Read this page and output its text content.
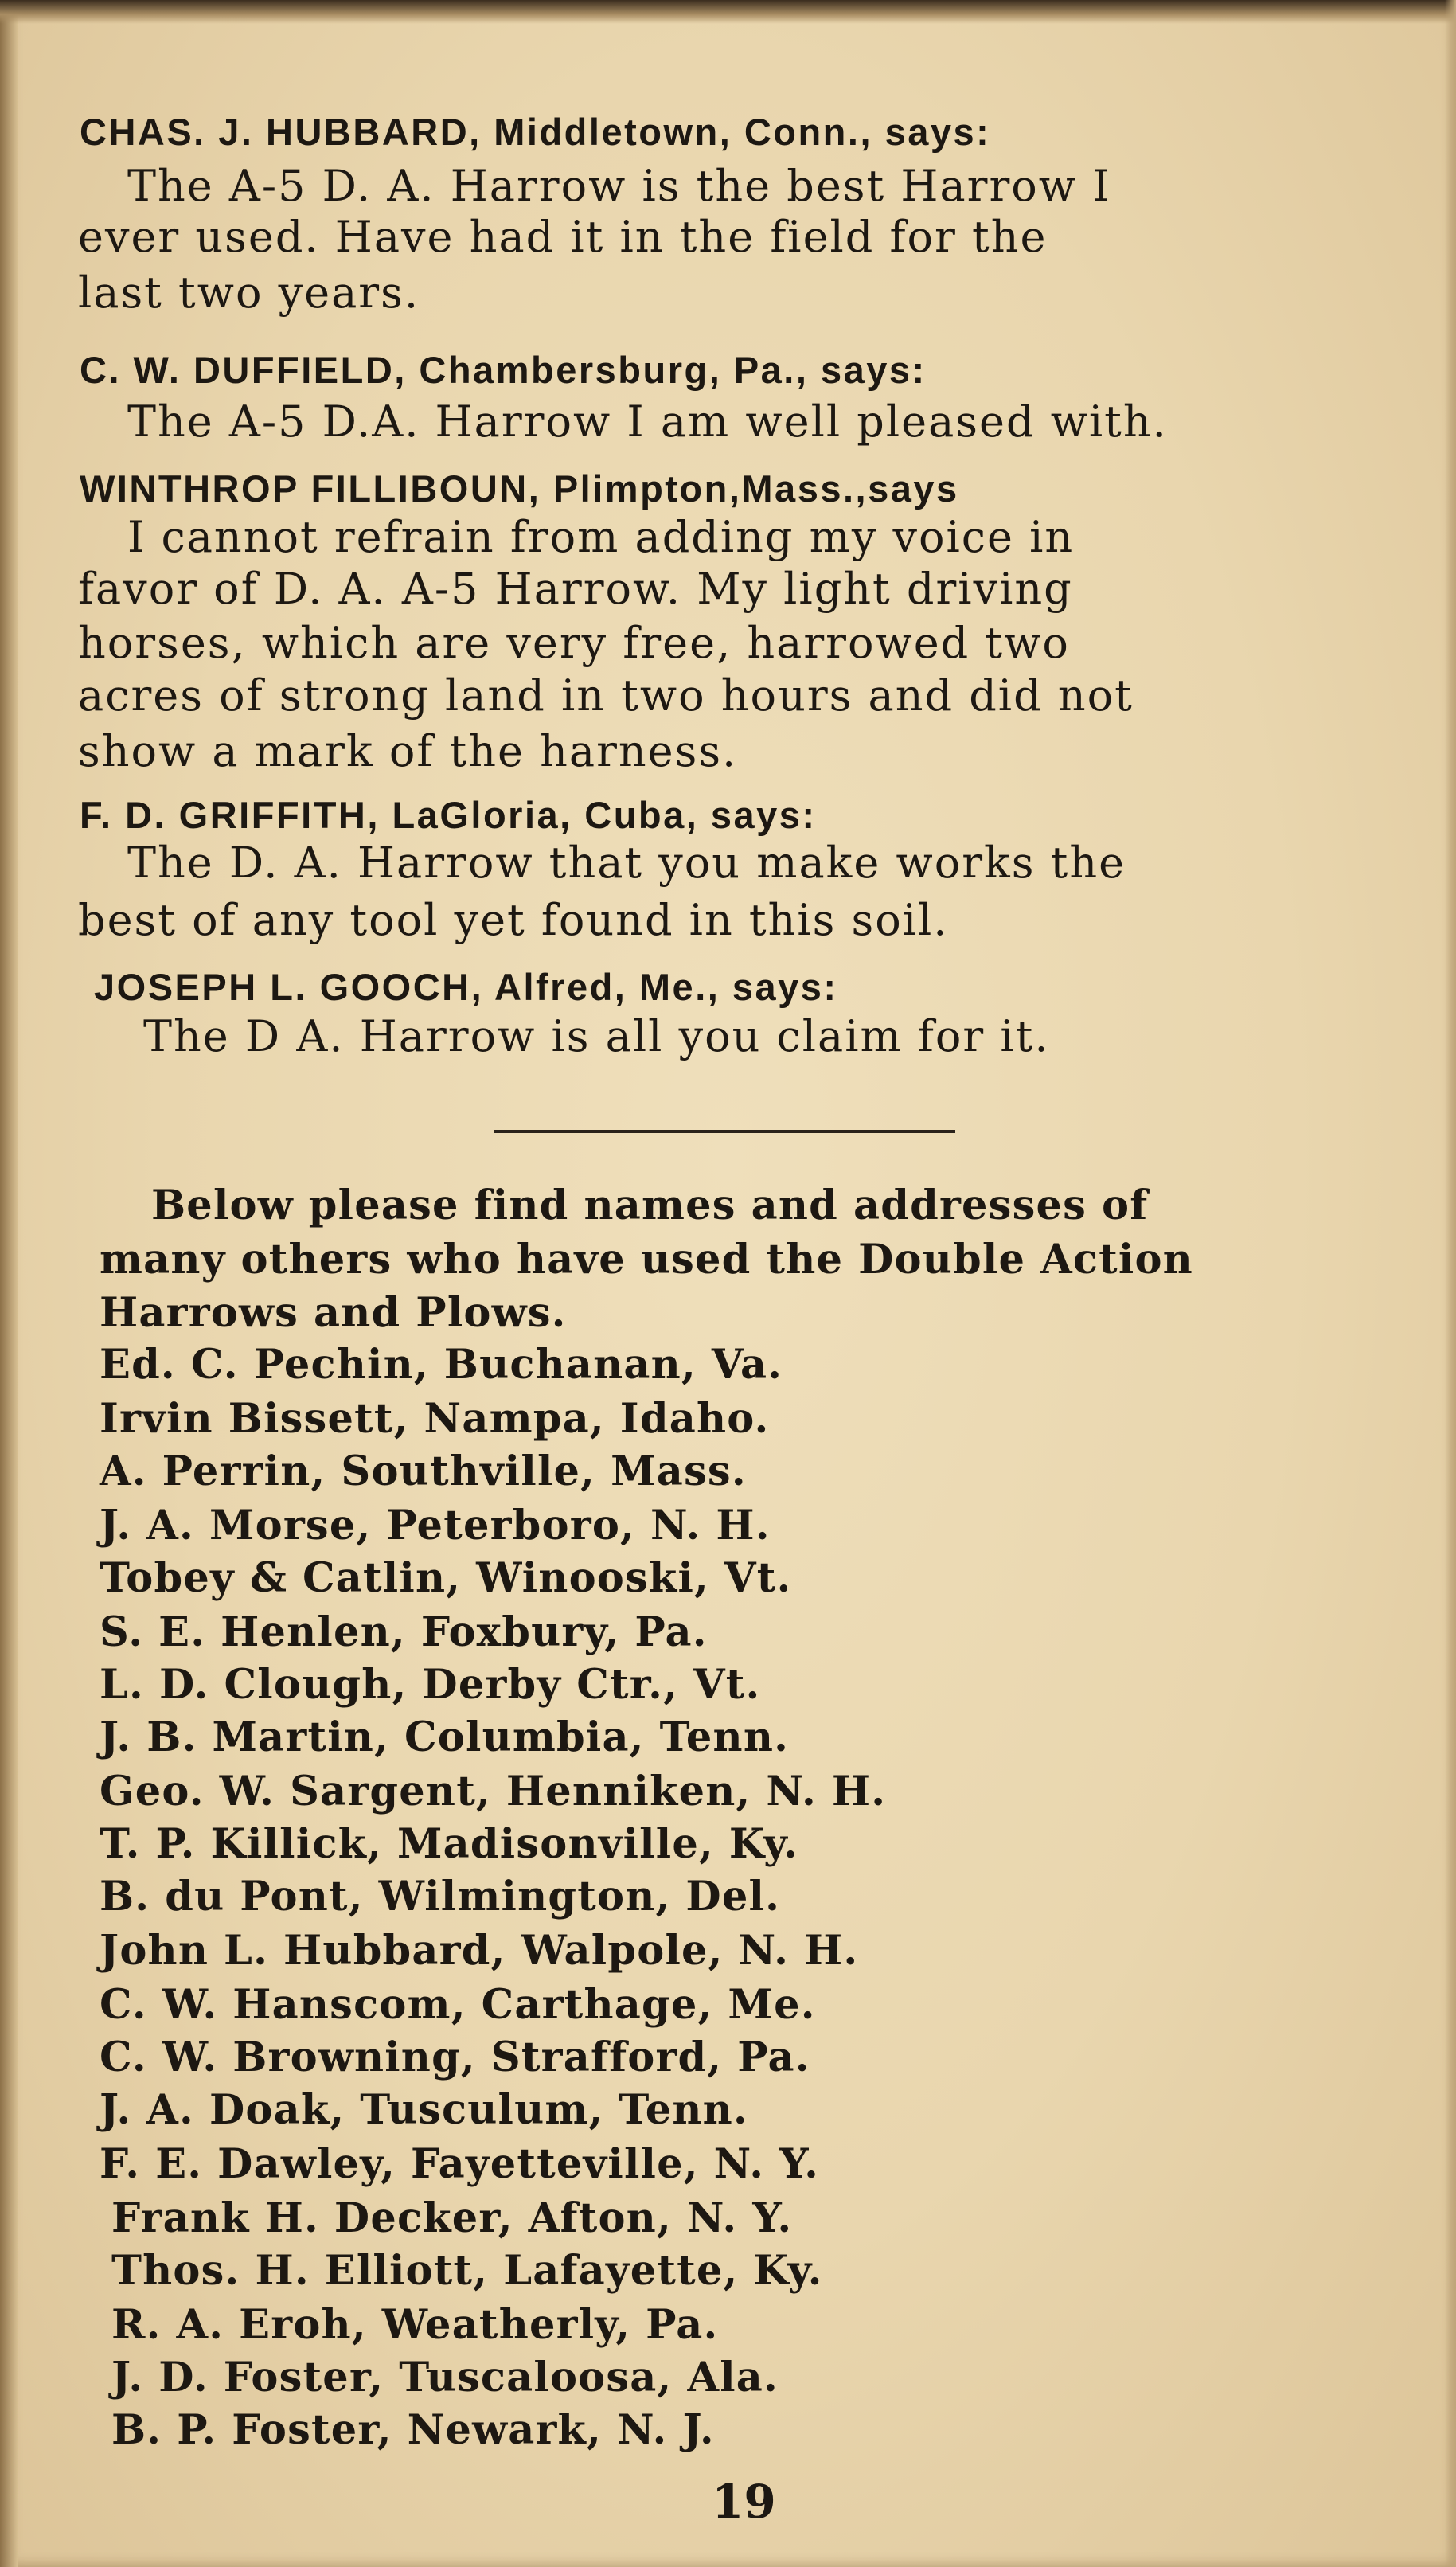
CHAS. J. HUBBARD, Middletown, Conn., says:
The A-5 D. A. Harrow is the best Harrow I
ever used. Have had it in the field for the
last two years.
C. W. DUFFIELD, Chambersburg, Pa., says:
The A-5 D.A. Harrow I am well pleased with.
WINTHROP FILLIBOUN, Plimpton,Mass.,says
I cannot refrain from adding my voice in
favor of D. A. A-5 Harrow. My light driving
horses, which are very free, harrowed two
acres of strong land in two hours and did not
show a mark of the harness.
F. D. GRIFFITH, LaGloria, Cuba, says:
The D. A. Harrow that you make works the
best of any tool yet found in this soil.
JOSEPH L. GOOCH, Alfred, Me., says:
The D A. Harrow is all you claim for it.
Below please find names and addresses of
many others who have used the Double Action
Harrows and Plows.
Ed. C. Pechin, Buchanan, Va.
Irvin Bissett, Nampa, Idaho.
A. Perrin, Southville, Mass.
J. A. Morse, Peterboro, N. H.
Tobey & Catlin, Winooski, Vt.
S. E. Henlen, Foxbury, Pa.
L. D. Clough, Derby Ctr., Vt.
J. B. Martin, Columbia, Tenn.
Geo. W. Sargent, Henniken, N. H.
T. P. Killick, Madisonville, Ky.
B. du Pont, Wilmington, Del.
John L. Hubbard, Walpole, N. H.
C. W. Hanscom, Carthage, Me.
C. W. Browning, Strafford, Pa.
J. A. Doak, Tusculum, Tenn.
F. E. Dawley, Fayetteville, N. Y.
Frank H. Decker, Afton, N. Y.
Thos. H. Elliott, Lafayette, Ky.
R. A. Eroh, Weatherly, Pa.
J. D. Foster, Tuscaloosa, Ala.
B. P. Foster, Newark, N. J.
19
